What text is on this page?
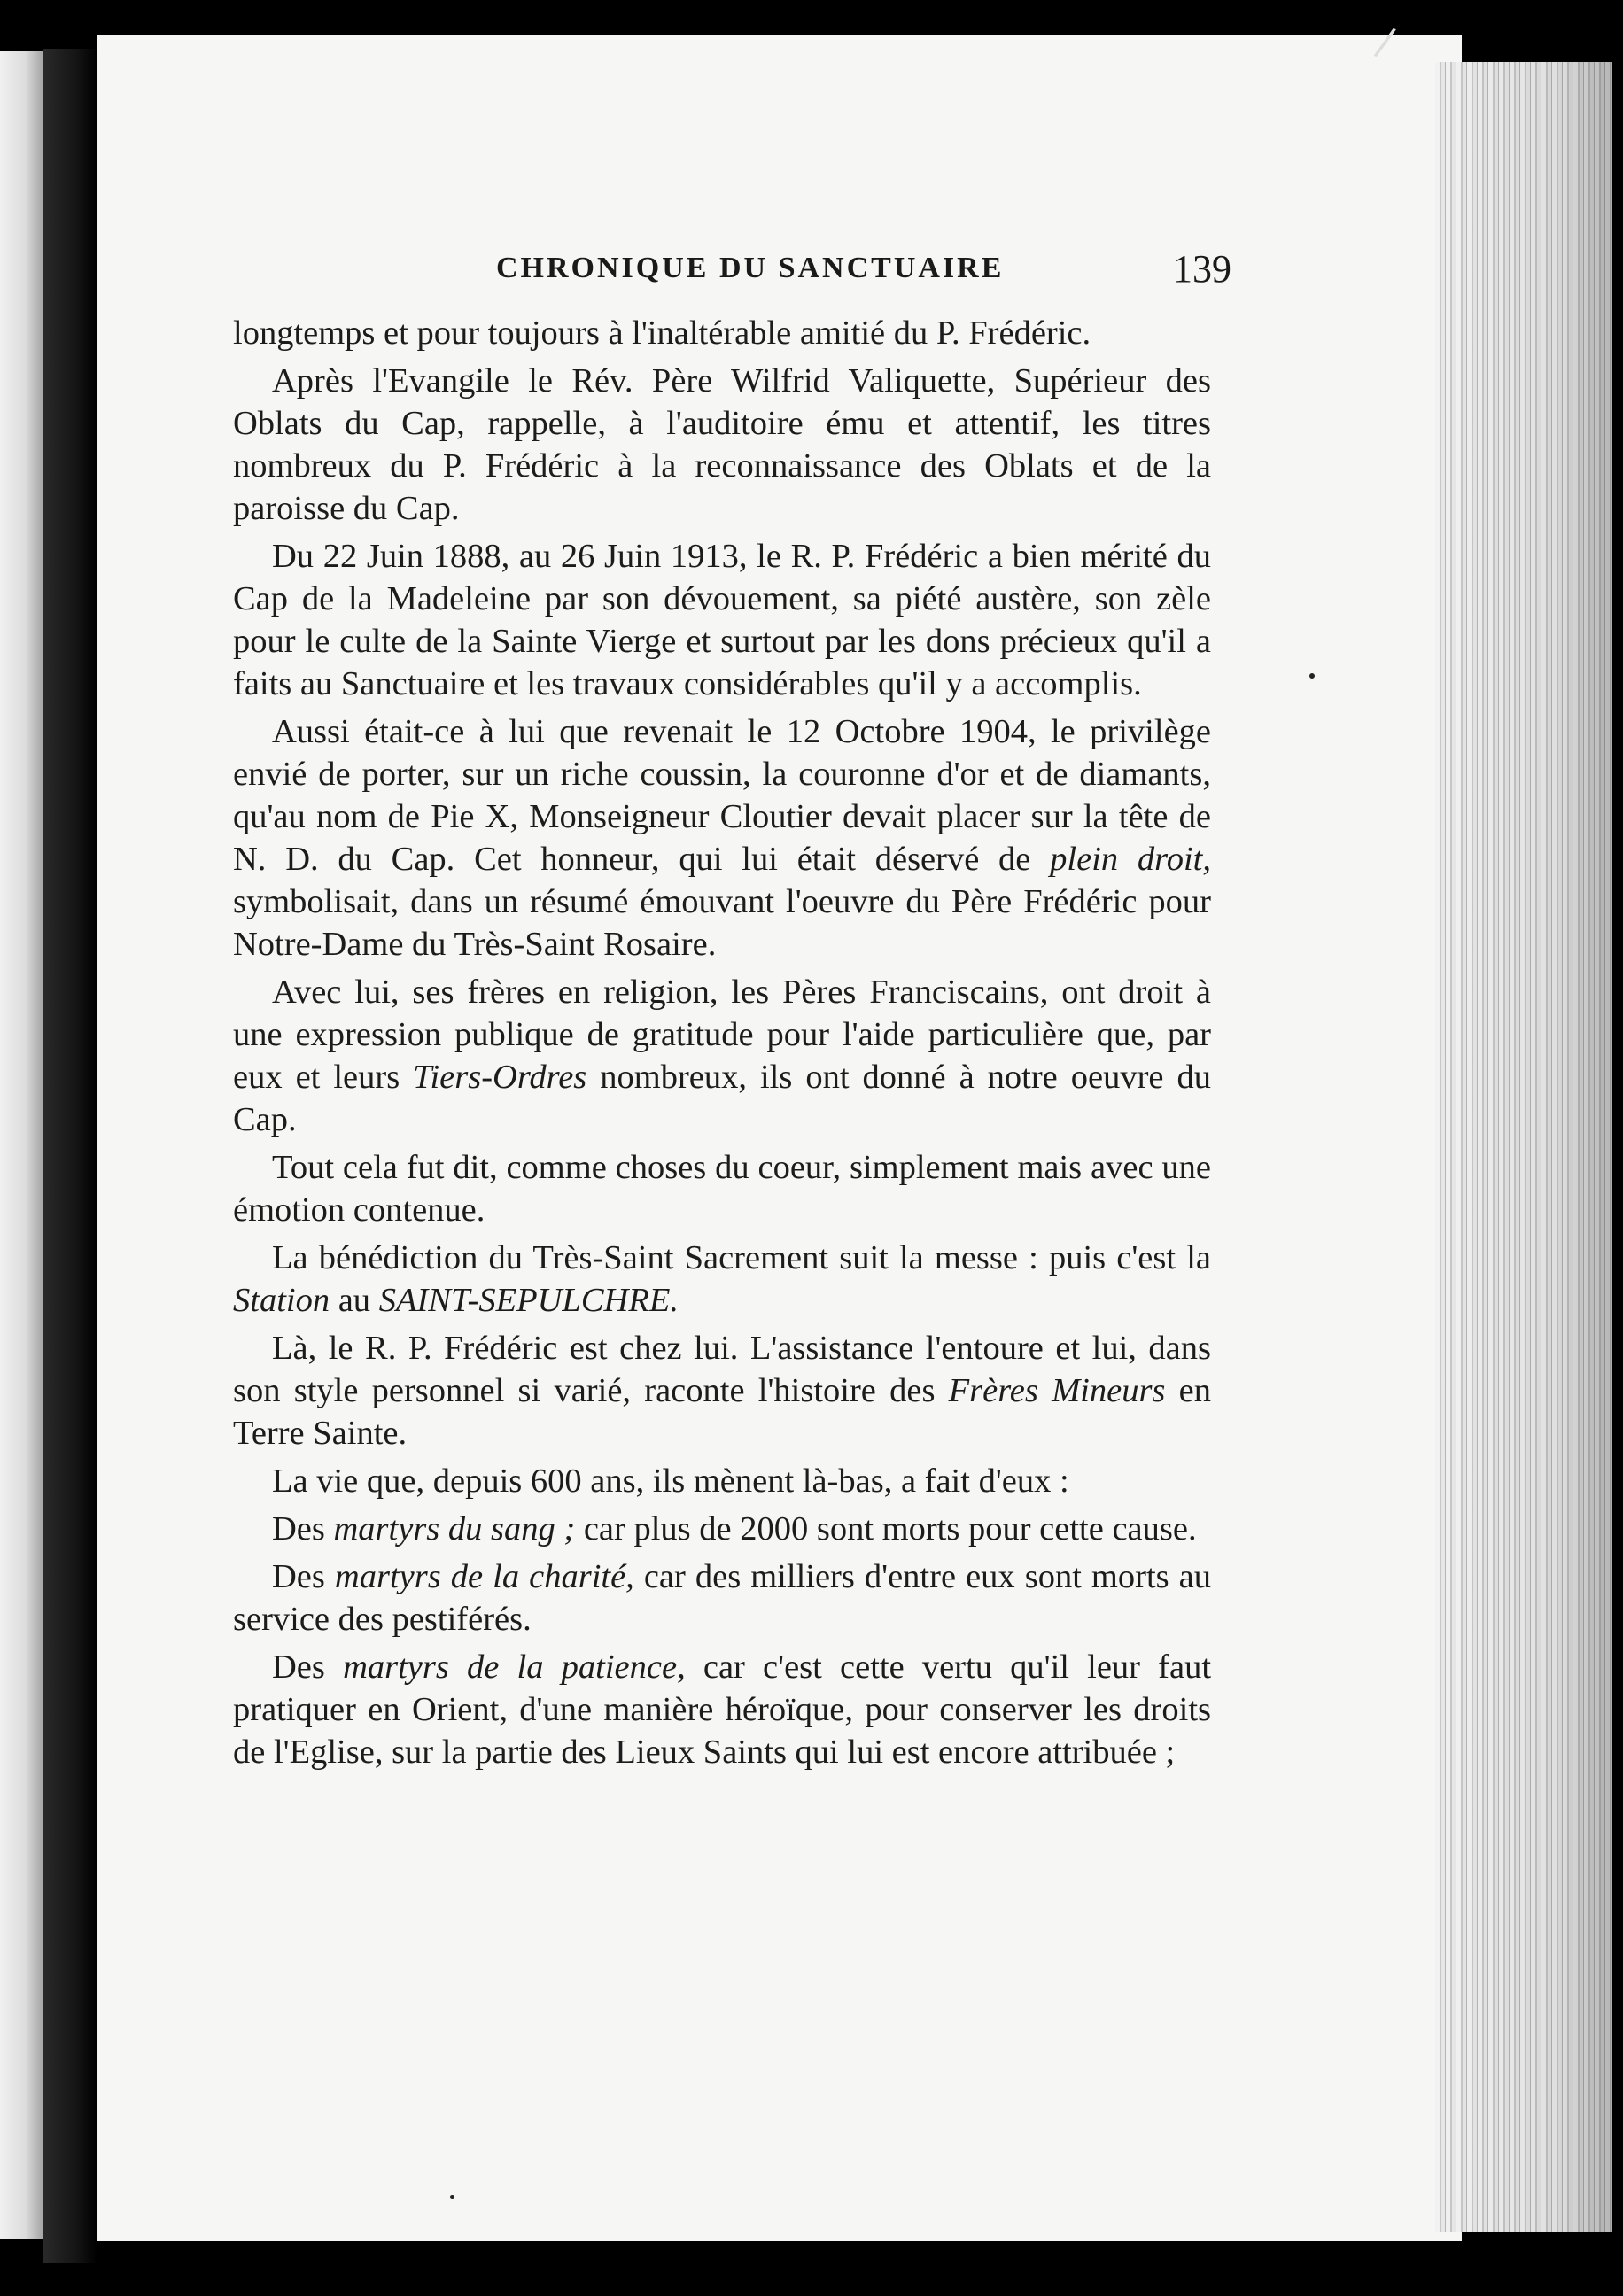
/
CHRONIQUE DU SANCTUAIRE	139

longtemps et pour toujours à l'inaltérable amitié du P. Frédéric.

Après l'Evangile le Rév. Père Wilfrid Valiquette, Supérieur des Oblats du Cap, rappelle, à l'auditoire ému et attentif, les titres nombreux du P. Frédéric à la reconnaissance des Oblats et de la paroisse du Cap.

Du 22 Juin 1888, au 26 Juin 1913, le R. P. Frédéric a bien mérité du Cap de la Madeleine par son dévouement, sa piété austère, son zèle pour le culte de la Sainte Vierge et surtout par les dons précieux qu'il a faits au Sanctuaire et les travaux considérables qu'il y a accomplis.

Aussi était-ce à lui que revenait le 12 Octobre 1904, le privilège envié de porter, sur un riche coussin, la couronne d'or et de diamants, qu'au nom de Pie X, Monseigneur Cloutier devait placer sur la tête de N. D. du Cap. Cet honneur, qui lui était déservé de plein droit, symbolisait, dans un résumé émouvant l'oeuvre du Père Frédéric pour Notre-Dame du Très-Saint Rosaire.

Avec lui, ses frères en religion, les Pères Franciscains, ont droit à une expression publique de gratitude pour l'aide particulière que, par eux et leurs Tiers-Ordres nombreux, ils ont donné à notre oeuvre du Cap.

Tout cela fut dit, comme choses du coeur, simplement mais avec une émotion contenue.

La bénédiction du Très-Saint Sacrement suit la messe : puis c'est la Station au SAINT-SEPULCHRE.

Là, le R. P. Frédéric est chez lui. L'assistance l'entoure et lui, dans son style personnel si varié, raconte l'histoire des Frères Mineurs en Terre Sainte.

La vie que, depuis 600 ans, ils mènent là-bas, a fait d'eux :

Des martyrs du sang ; car plus de 2000 sont morts pour cette cause.

Des martyrs de la charité, car des milliers d'entre eux sont morts au service des pestiférés.

Des martyrs de la patience, car c'est cette vertu qu'il leur faut pratiquer en Orient, d'une manière héroïque, pour conserver les droits de l'Eglise, sur la partie des Lieux Saints qui lui est encore attribuée ;
